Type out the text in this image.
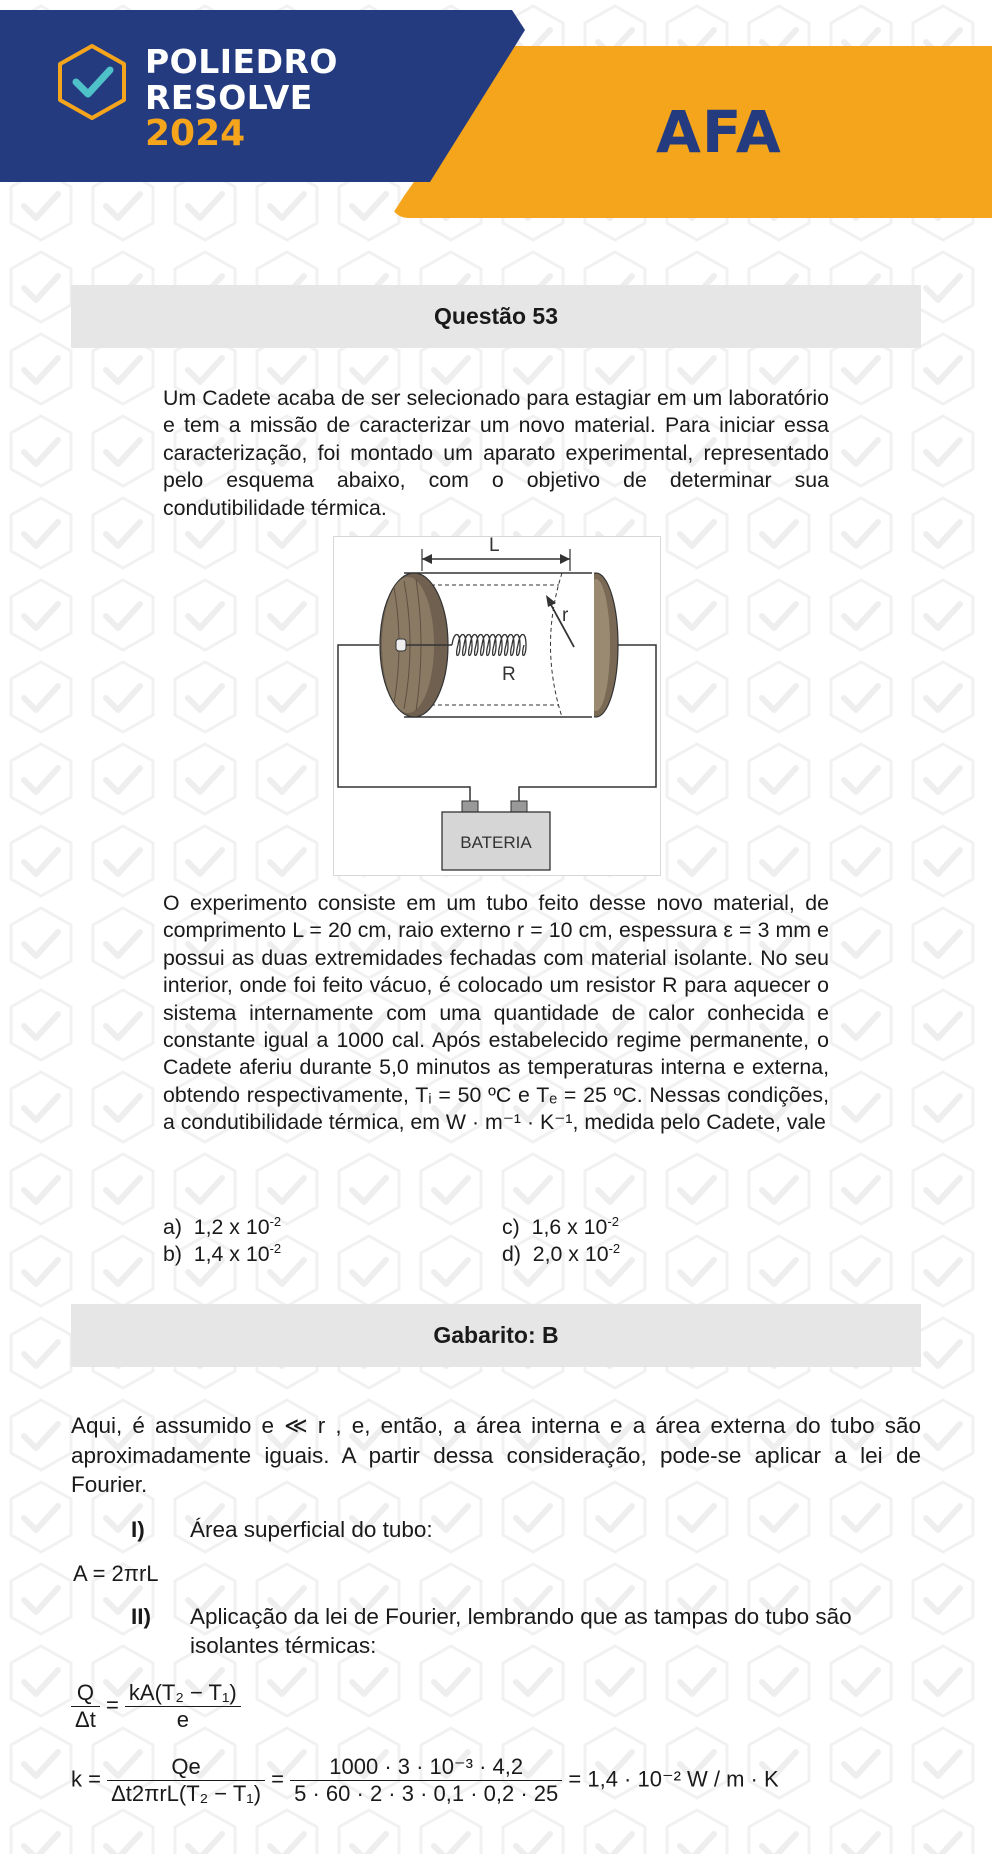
POLIEDRO
RESOLVE
2024	AFA
Questão 53
Um Cadete acaba de ser selecionado para estagiar em um laboratório e tem a missão de caracterizar um novo material. Para iniciar essa caracterização, foi montado um aparato experimental, representado pelo esquema abaixo, com o objetivo de determinar sua condutibilidade térmica.
r
R
L
BATERIA
O experimento consiste em um tubo feito desse novo material, de comprimento L = 20 cm, raio externo r = 10 cm, espessura ε = 3 mm e possui as duas extremidades fechadas com material isolante. No seu interior, onde foi feito vácuo, é colocado um resistor R para aquecer o sistema internamente com uma quantidade de calor conhecida e constante igual a 1000 cal. Após estabelecido regime permanente, o Cadete aferiu durante 5,0 minutos as temperaturas interna e externa, obtendo respectivamente, Tᵢ = 50 ºC e Tₑ = 25 ºC. Nessas condições, a condutibilidade térmica, em W · m⁻¹ · K⁻¹, medida pelo Cadete, vale
a) 1,2 x $10^{-2}$
b) 1,4 x $10^{-2}$
c) 1,6 x $10^{-2}$
d) 2,0 x $10^{-2}$
Gabarito: B
Aqui, é assumido e ≪ r , e, então, a área interna e a área externa do tubo são aproximadamente iguais. A partir dessa consideração, pode-se aplicar a lei de Fourier.
I) Área superficial do tubo:
A = 2πrL
II) Aplicação da lei de Fourier, lembrando que as tampas do tubo são isolantes térmicas:
$\frac{Q}{\Delta t} = \frac{\text{kA(T₂ − T₁)}}{e}$
$k = \frac{Qe}{\text{Δt2πrL(T₂ − T₁)}} = \frac{\text{1000 · 3 · 10⁻³ · 4,2}}{5 \cdot 60 \cdot 2 \cdot 3 \cdot 0,1 \cdot 0,2 \cdot 25} = 1,4 \cdot 10^{-2}$ W / m · K
